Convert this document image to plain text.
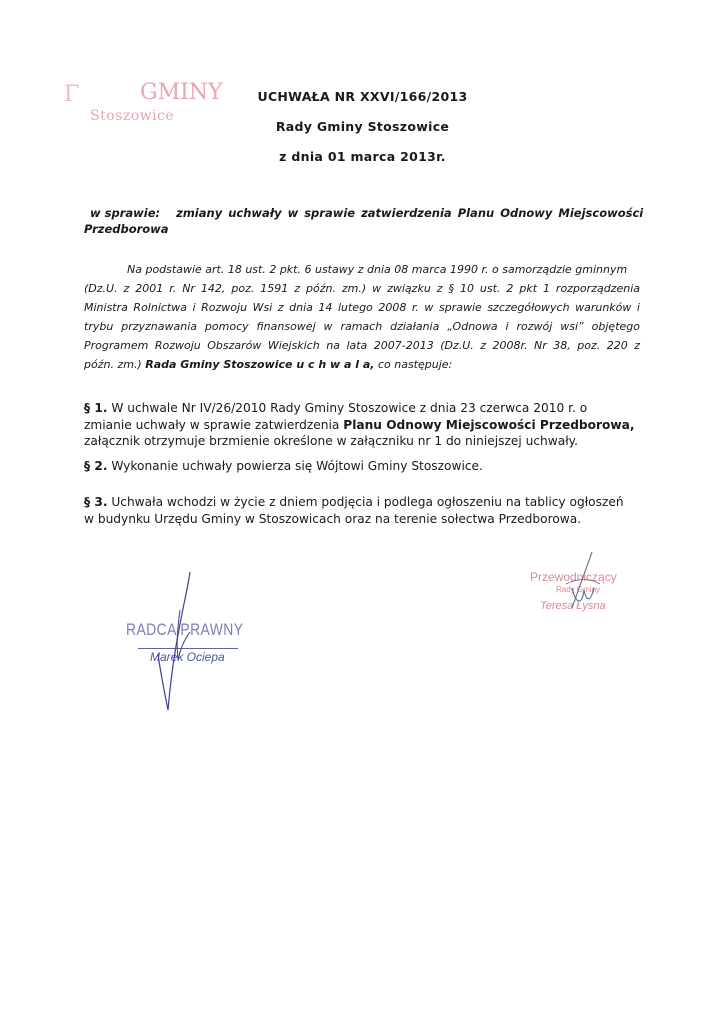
Γ	GMINY
Stoszowice
UCHWAŁA NR XXVI/166/2013
Rady Gminy Stoszowice
z dnia 01 marca 2013r.
w sprawie: zmiany uchwały w sprawie zatwierdzenia Planu Odnowy Miejscowości
Przedborowa
Na podstawie art. 18 ust. 2 pkt. 6 ustawy z dnia 08 marca 1990 r. o samorządzie gminnym
(Dz.U. z 2001 r. Nr 142, poz. 1591 z późn. zm.) w związku z § 10 ust. 2 pkt 1 rozporządzenia
Ministra Rolnictwa i Rozwoju Wsi z dnia 14 lutego 2008 r. w sprawie szczegółowych warunków i
trybu przyznawania pomocy finansowej w ramach działania „Odnowa i rozwój wsi” objętego
Programem Rozwoju Obszarów Wiejskich na lata 2007-2013 (Dz.U. z 2008r. Nr 38, poz. 220 z
późn. zm.) Rada Gminy Stoszowice u c h w a l a, co następuje:
§ 1. W uchwale Nr IV/26/2010 Rady Gminy Stoszowice z dnia 23 czerwca 2010 r. o
zmianie uchwały w sprawie zatwierdzenia Planu Odnowy Miejscowości Przedborowa,
załącznik otrzymuje brzmienie określone w załączniku nr 1 do niniejszej uchwały.
§ 2. Wykonanie uchwały powierza się Wójtowi Gminy Stoszowice.
§ 3. Uchwała wchodzi w życie z dniem podjęcia i podlega ogłoszeniu na tablicy ogłoszeń
w budynku Urzędu Gminy w Stoszowicach oraz na terenie sołectwa Przedborowa.
Przewodniczący
Rady Gminy
Teresa Łysna
RADCA PRAWNY
Marek Ociepa
